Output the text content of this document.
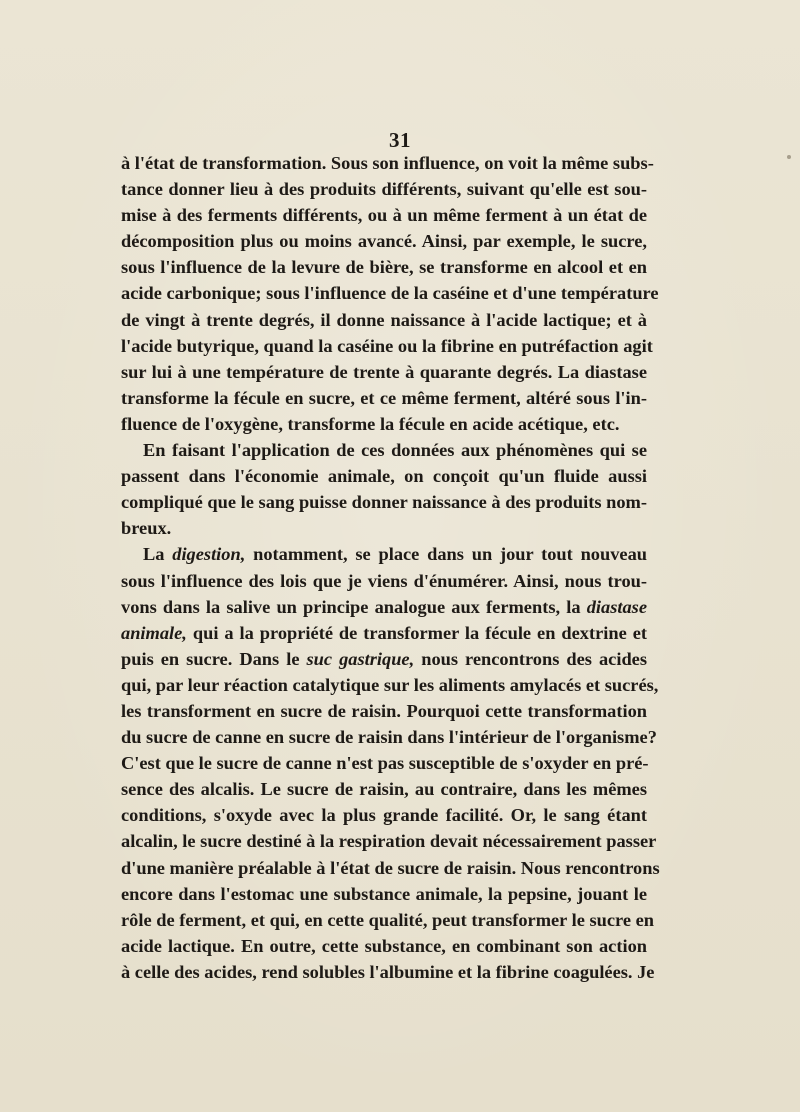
31
à l'état de transformation. Sous son influence, on voit la même subs-
tance donner lieu à des produits différents, suivant qu'elle est sou-
mise à des ferments différents, ou à un même ferment à un état de
décomposition plus ou moins avancé. Ainsi, par exemple, le sucre,
sous l'influence de la levure de bière, se transforme en alcool et en
acide carbonique; sous l'influence de la caséine et d'une température
de vingt à trente degrés, il donne naissance à l'acide lactique; et à
l'acide butyrique, quand la caséine ou la fibrine en putréfaction agit
sur lui à une température de trente à quarante degrés. La diastase
transforme la fécule en sucre, et ce même ferment, altéré sous l'in-
fluence de l'oxygène, transforme la fécule en acide acétique, etc.
En faisant l'application de ces données aux phénomènes qui se
passent dans l'économie animale, on conçoit qu'un fluide aussi
compliqué que le sang puisse donner naissance à des produits nom-
breux.
La digestion, notamment, se place dans un jour tout nouveau
sous l'influence des lois que je viens d'énumérer. Ainsi, nous trou-
vons dans la salive un principe analogue aux ferments, la diastase
animale, qui a la propriété de transformer la fécule en dextrine et
puis en sucre. Dans le suc gastrique, nous rencontrons des acides
qui, par leur réaction catalytique sur les aliments amylacés et sucrés,
les transforment en sucre de raisin. Pourquoi cette transformation
du sucre de canne en sucre de raisin dans l'intérieur de l'organisme?
C'est que le sucre de canne n'est pas susceptible de s'oxyder en pré-
sence des alcalis. Le sucre de raisin, au contraire, dans les mêmes
conditions, s'oxyde avec la plus grande facilité. Or, le sang étant
alcalin, le sucre destiné à la respiration devait nécessairement passer
d'une manière préalable à l'état de sucre de raisin. Nous rencontrons
encore dans l'estomac une substance animale, la pepsine, jouant le
rôle de ferment, et qui, en cette qualité, peut transformer le sucre en
acide lactique. En outre, cette substance, en combinant son action
à celle des acides, rend solubles l'albumine et la fibrine coagulées. Je
